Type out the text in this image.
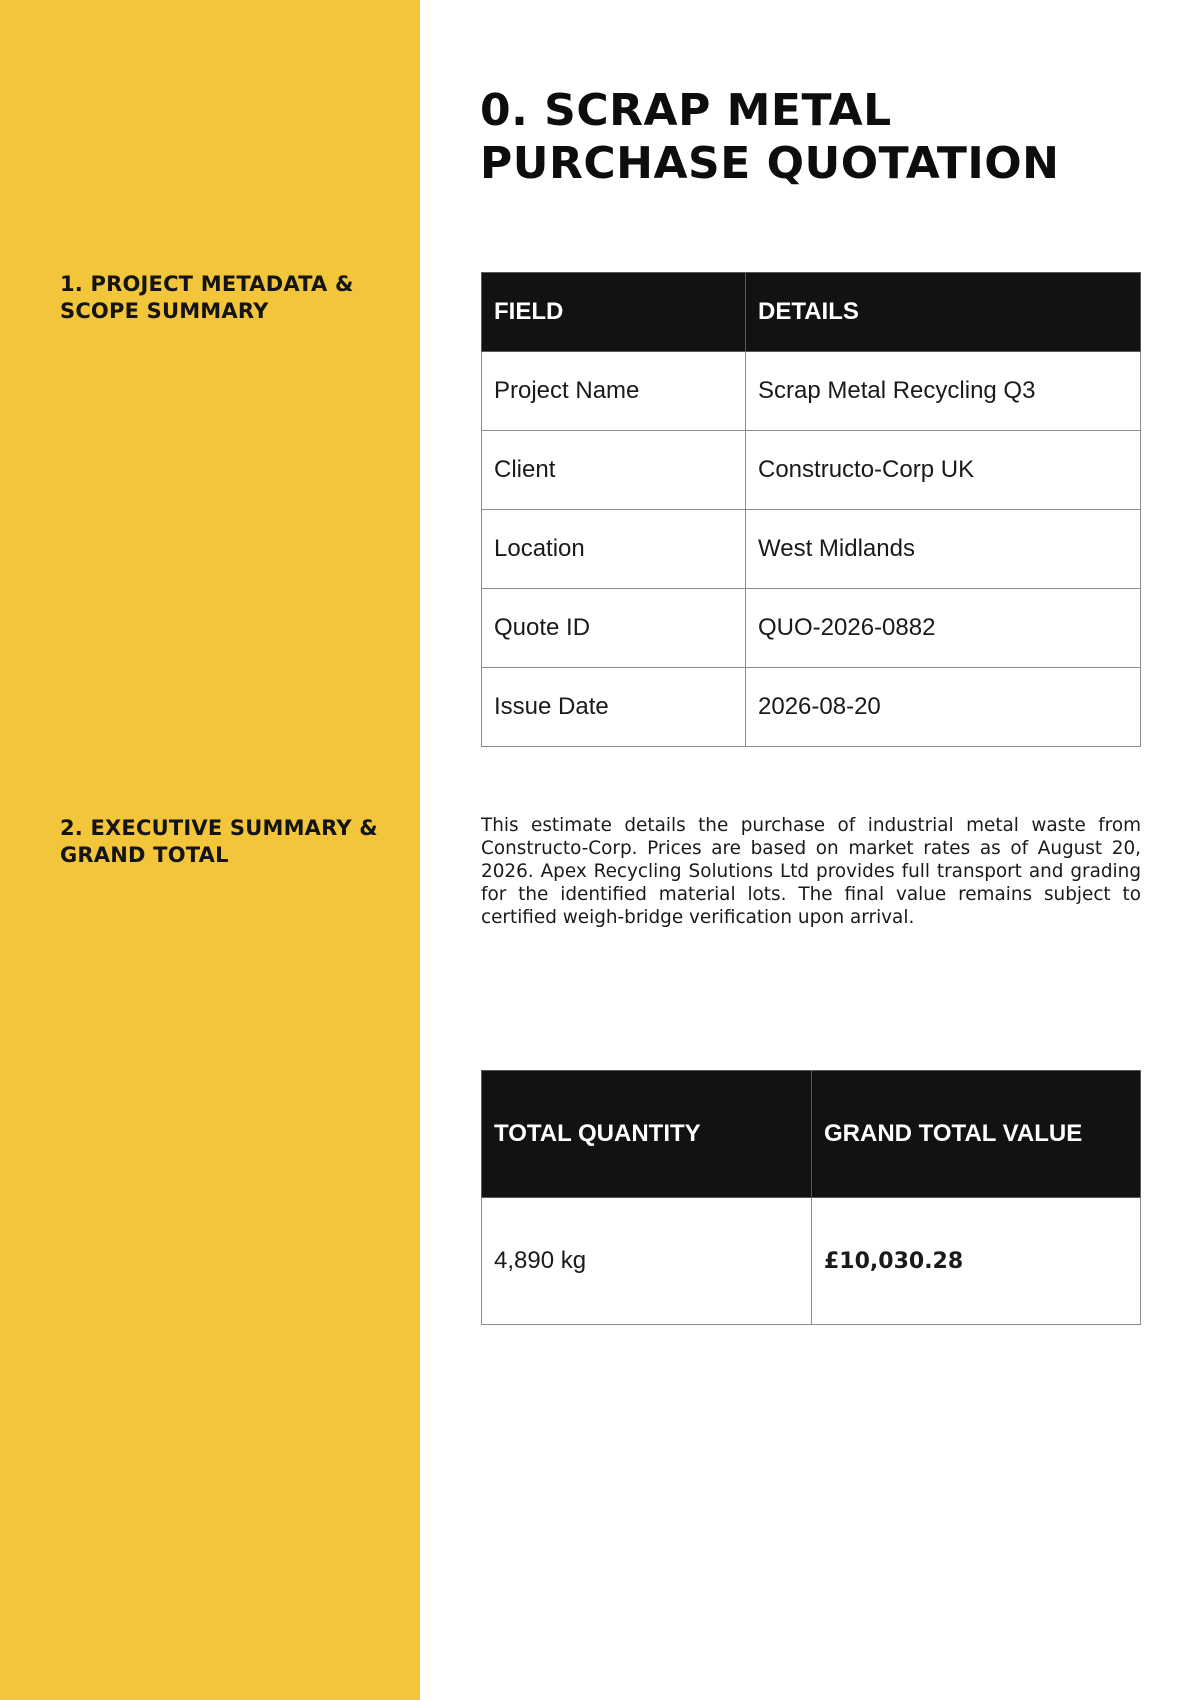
1. PROJECT METADATA & SCOPE SUMMARY
2. EXECUTIVE SUMMARY & GRAND TOTAL
0. SCRAP METAL PURCHASE QUOTATION
FIELD	DETAILS
Project Name	Scrap Metal Recycling Q3
Client	Constructo-Corp UK
Location	West Midlands
Quote ID	QUO-2026-0882
Issue Date	2026-08-20

This estimate details the purchase of industrial metal waste from Constructo-Corp. Prices are based on market rates as of August 20, 2026. Apex Recycling Solutions Ltd provides full transport and grading for the identified material lots. The final value remains subject to certified weigh-bridge verification upon arrival.

TOTAL QUANTITY	GRAND TOTAL VALUE
4,890 kg	£10,030.28
